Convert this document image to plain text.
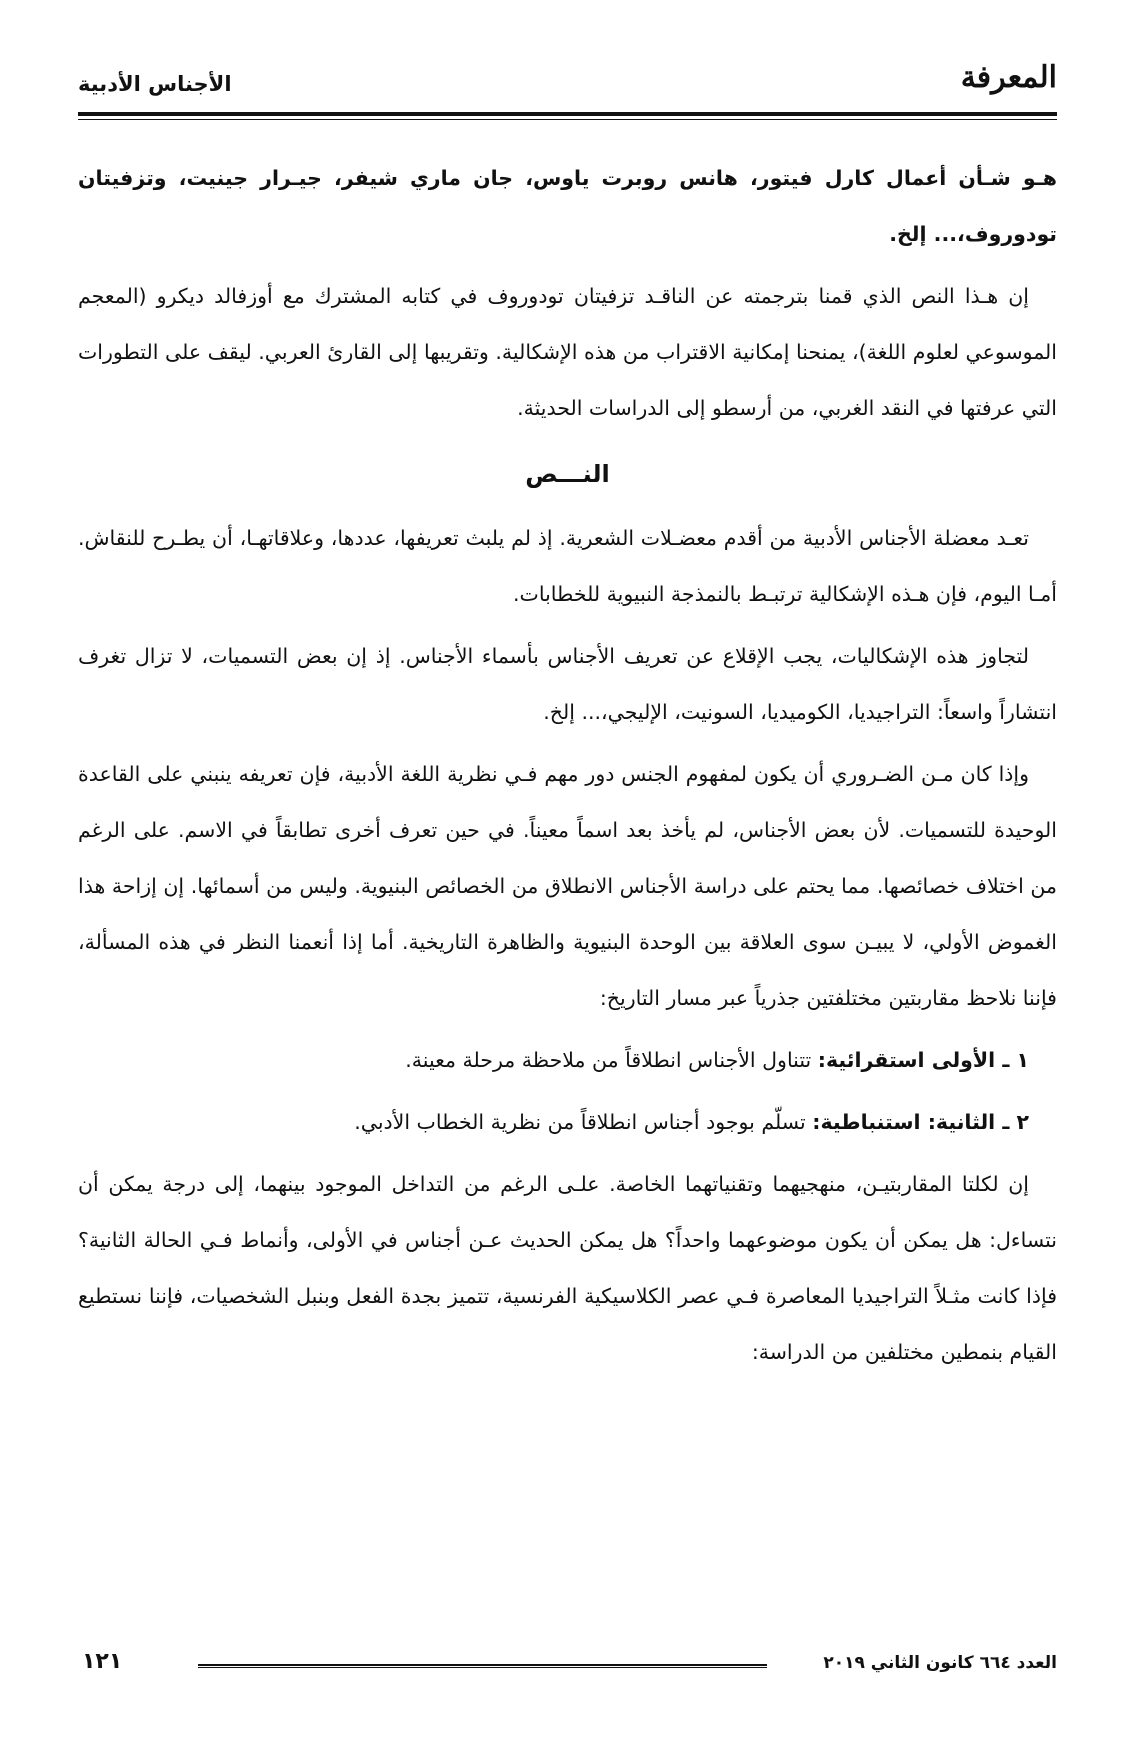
الأجناس الأدبية	المعرفة

هـو شـأن أعمال كارل فيتور، هانس روبرت ياوس، جان ماري شيفر، جيـرار جينيت، وتزفيتان تودوروف،... إلخ.

إن هـذا النص الذي قمنا بترجمته عن الناقـد تزفيتان تودوروف في كتابه المشترك مع أوزفالد ديكرو (المعجم الموسوعي لعلوم اللغة)، يمنحنا إمكانية الاقتراب من هذه الإشكالية. وتقريبها إلى القارئ العربي. ليقف على التطورات التي عرفتها في النقد الغربي، من أرسطو إلى الدراسات الحديثة.

النـــص

تعـد معضلة الأجناس الأدبية من أقدم معضـلات الشعرية. إذ لم يلبث تعريفها، عددها، وعلاقاتهـا، أن يطـرح للنقاش. أمـا اليوم، فإن هـذه الإشكالية ترتبـط بالنمذجة النبيوية للخطابات.

لتجاوز هذه الإشكاليات، يجب الإقلاع عن تعريف الأجناس بأسماء الأجناس. إذ إن بعض التسميات، لا تزال تغرف انتشاراً واسعاً: التراجيديا، الكوميديا، السونيت، الإليجي،... إلخ.

وإذا كان مـن الضـروري أن يكون لمفهوم الجنس دور مهم فـي نظرية اللغة الأدبية، فإن تعريفه ينبني على القاعدة الوحيدة للتسميات. لأن بعض الأجناس، لم يأخذ بعد اسماً معيناً. في حين تعرف أخرى تطابقاً في الاسم. على الرغم من اختلاف خصائصها. مما يحتم على دراسة الأجناس الانطلاق من الخصائص البنيوية. وليس من أسمائها. إن إزاحة هذا الغموض الأولي، لا يبيـن سوى العلاقة بين الوحدة البنيوية والظاهرة التاريخية. أما إذا أنعمنا النظر في هذه المسألة، فإننا نلاحظ مقاربتين مختلفتين جذرياً عبر مسار التاريخ:

١ ـ الأولى استقرائية: تتناول الأجناس انطلاقاً من ملاحظة مرحلة معينة.

٢ ـ الثانية: استنباطية: تسلّم بوجود أجناس انطلاقاً من نظرية الخطاب الأدبي.

إن لكلتا المقاربتيـن، منهجيهما وتقنياتهما الخاصة. علـى الرغم من التداخل الموجود بينهما، إلى درجة يمكن أن نتساءل: هل يمكن أن يكون موضوعهما واحداً؟ هل يمكن الحديث عـن أجناس في الأولى، وأنماط فـي الحالة الثانية؟ فإذا كانت مثـلاً التراجيديا المعاصرة فـي عصر الكلاسيكية الفرنسية، تتميز بجدة الفعل وبنبل الشخصيات، فإننا نستطيع القيام بنمطين مختلفين من الدراسة:

العدد ٦٦٤ كانون الثاني ٢٠١٩
١٢١
